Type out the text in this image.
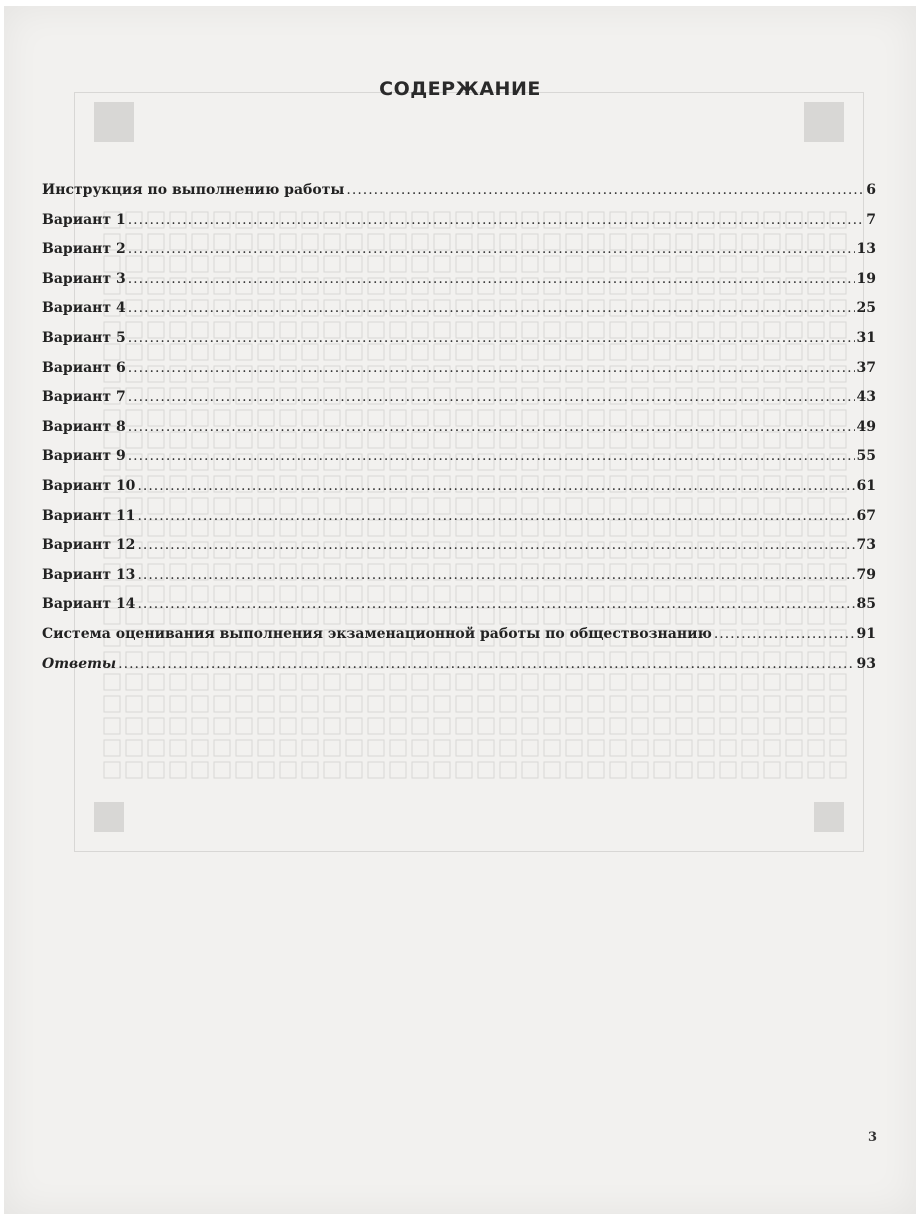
СОДЕРЖАНИЕ
Инструкция по выполнению работы .....	6
Вариант 1 .....	7
Вариант 2 .....	13
Вариант 3 .....	19
Вариант 4 .....	25
Вариант 5 .....	31
Вариант 6 .....	37
Вариант 7 .....	43
Вариант 8 .....	49
Вариант 9 .....	55
Вариант 10 .....	61
Вариант 11 .....	67
Вариант 12 .....	73
Вариант 13 .....	79
Вариант 14 .....	85
Система оценивания выполнения экзаменационной работы по обществознанию .....	91
Ответы .....	93
3
